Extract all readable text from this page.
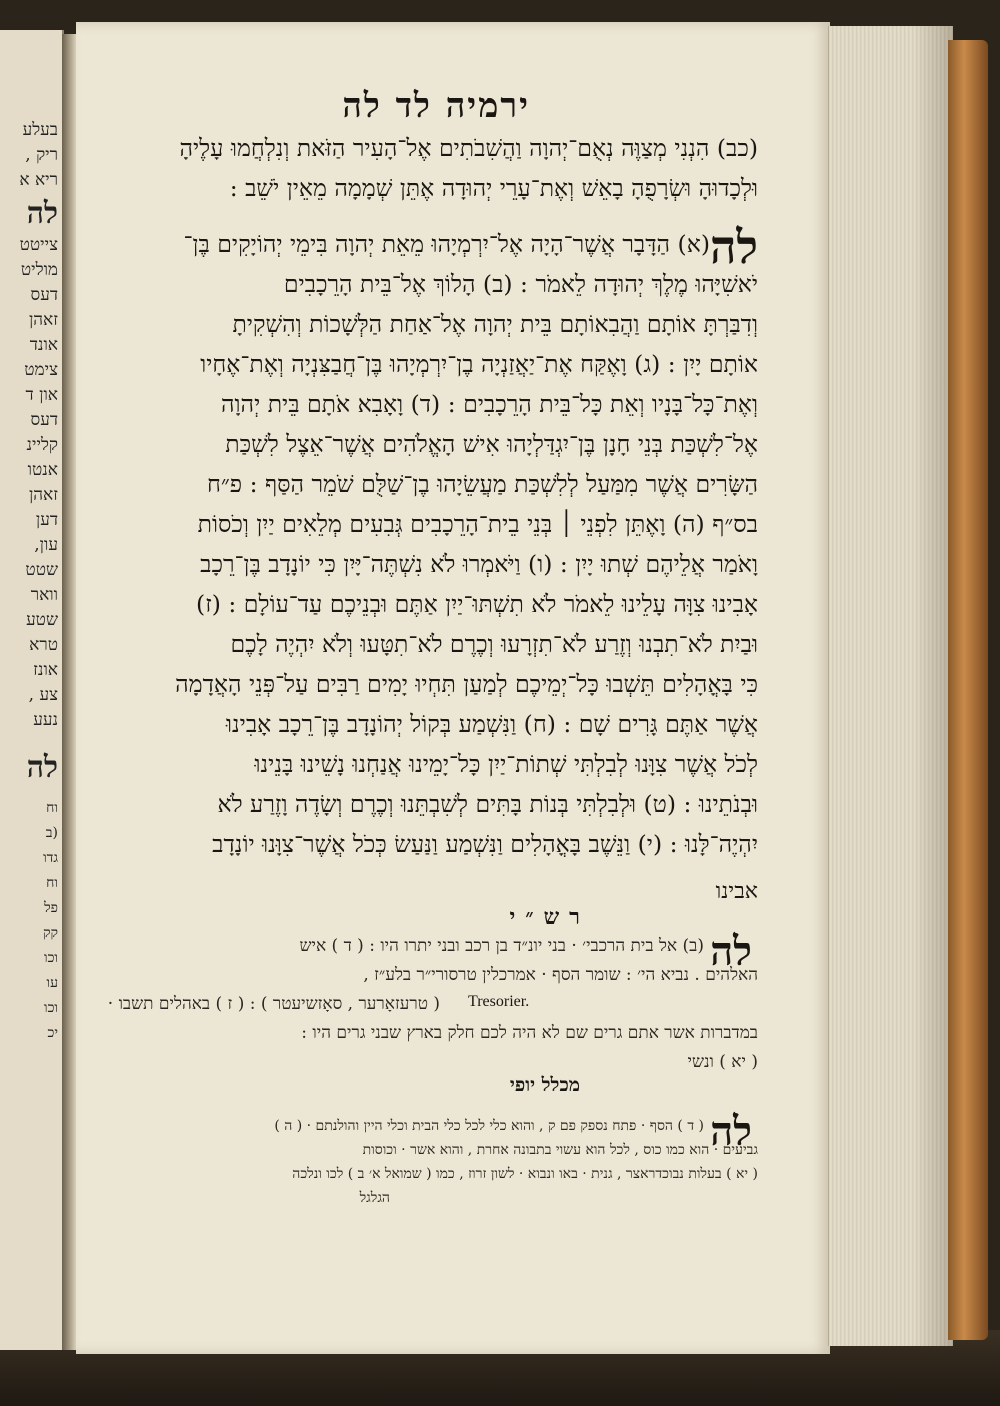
בעלע
ריק ,
ריא א
לה
צייטט
מוליט
דעס
זאהן
אונד
צימט
און ד
דעס
קליינ
אנטו
זאהן
דען
עון,
שטט
וואר
שטע
טרא
אונז
צע ,
נעע
לה
וח
(ב
גדו
וח
פל
קק
וכו
עו
וכו
יכ
ירמיה לד לה
(כב) הִנְנִי מְצַוֶּה נְאֻם־יְהוָה וַהֲשִׁבֹתִים אֶל־הָעִיר הַזֹּאת וְנִלְחֲמוּ עָלֶיהָ
וּלְכָדוּהָ וּשְׂרָפֻהָ בָאֵשׁ וְאֶת־עָרֵי יְהוּדָה אֶתֵּן שְׁמָמָה מֵאֵין יֹשֵׁב :
לה
(א) הַדָּבָר אֲשֶׁר־הָיָה אֶל־יִרְמְיָהוּ מֵאֵת יְהוָה בִּימֵי יְהוֹיָקִים בֶּן־
יֹאשִׁיָּהוּ מֶלֶךְ יְהוּדָה לֵאמֹר : (ב) הָלוֹךְ אֶל־בֵּית הָרֵכָבִים
וְדִבַּרְתָּ אוֹתָם וַהֲבִאוֹתָם בֵּית יְהוָה אֶל־אַחַת הַלְּשָׁכוֹת וְהִשְׁקִיתָ
אוֹתָם יָיִן : (ג) וָאֶקַּח אֶת־יַאֲזַנְיָה בֶן־יִרְמְיָהוּ בֶּן־חֲבַצִּנְיָה וְאֶת־אֶחָיו
וְאֶת־כָּל־בָּנָיו וְאֵת כָּל־בֵּית הָרֵכָבִים : (ד) וָאָבִא אֹתָם בֵּית יְהוָה
אֶל־לִשְׁכַּת בְּנֵי חָנָן בֶּן־יִגְדַּלְיָהוּ אִישׁ הָאֱלֹהִים אֲשֶׁר־אֵצֶל לִשְׁכַּת
הַשָּׂרִים אֲשֶׁר מִמַּעַל לְלִשְׁכַּת מַעֲשֵׂיָהוּ בֶן־שַׁלֻּם שֹׁמֵר הַסַּף : פ״ח
בס״ף (ה) וָאֶתֵּן לִפְנֵי ׀ בְּנֵי בֵית־הָרֵכָבִים גְּבִעִים מְלֵאִים יַיִן וְכֹסוֹת
וָאֹמַר אֲלֵיהֶם שְׁתוּ יָיִן : (ו) וַיֹּאמְרוּ לֹא נִשְׁתֶּה־יָּיִן כִּי יוֹנָדָב בֶּן־רֵכָב
אָבִינוּ צִוָּה עָלֵינוּ לֵאמֹר לֹא תִשְׁתּוּ־יַיִן אַתֶּם וּבְנֵיכֶם עַד־עוֹלָם : (ז)
וּבַיִת לֹא־תִבְנוּ וְזֶרַע לֹא־תִזְרָעוּ וְכֶרֶם לֹא־תִטָּעוּ וְלֹא יִהְיֶה לָכֶם
כִּי בָּאֳהָלִים תֵּשְׁבוּ כָּל־יְמֵיכֶם לְמַעַן תִּחְיוּ יָמִים רַבִּים עַל־פְּנֵי הָאֲדָמָה
אֲשֶׁר אַתֶּם גָּרִים שָׁם : (ח) וַנִּשְׁמַע בְּקוֹל יְהוֹנָדָב בֶּן־רֵכָב אָבִינוּ
לְכֹל אֲשֶׁר צִוָּנוּ לְבִלְתִּי שְׁתוֹת־יַיִן כָּל־יָמֵינוּ אֲנַחְנוּ נָשֵׁינוּ בָּנֵינוּ
וּבְנֹתֵינוּ : (ט) וּלְבִלְתִּי בְּנוֹת בָּתִּים לְשִׁבְתֵּנוּ וְכֶרֶם וְשָׂדֶה וָזֶרַע לֹא
יִהְיֶה־לָּנוּ : (י) וַנֵּשֶׁב בָּאֳהָלִים וַנִּשְׁמַע וַנַּעַשׂ כְּכֹל אֲשֶׁר־צִוָּנוּ יוֹנָדָב
אבינו
רש״י
לה
(ב) אל בית הרכבי׳ · בני יונ״ד בן רכב ובני יתרו היו : ( ד ) איש
האלהים . נביא הי׳ : שומר הסף · אמרכלין טרסורי״ר בלע״ז ,
( טרעזאָרער , סאָזשיעטר ) : ( ז ) באהלים תשבו ·
במדברות אשר אתם גרים שם לא היה לכם חלק בארץ שבני גרים היו :
( יא ) ונשי
Tresorier.
מכלל יופי
לה
( ד ) הסף · פתח נספק פם ק , והוא כלי לכל כלי הבית וכלי היין והולנתם · ( ה )
גביעים · הוא כמו כוס , לכל הוא עשוי בתבונה אחרת , והוא אשר · וכוסות
( יא ) בעלות נבוכדראצר , גנית · באו ונבוא · לשון זרוז , כמו ( שמואל א׳ ב ) לכו ונלכה
הגלגל
